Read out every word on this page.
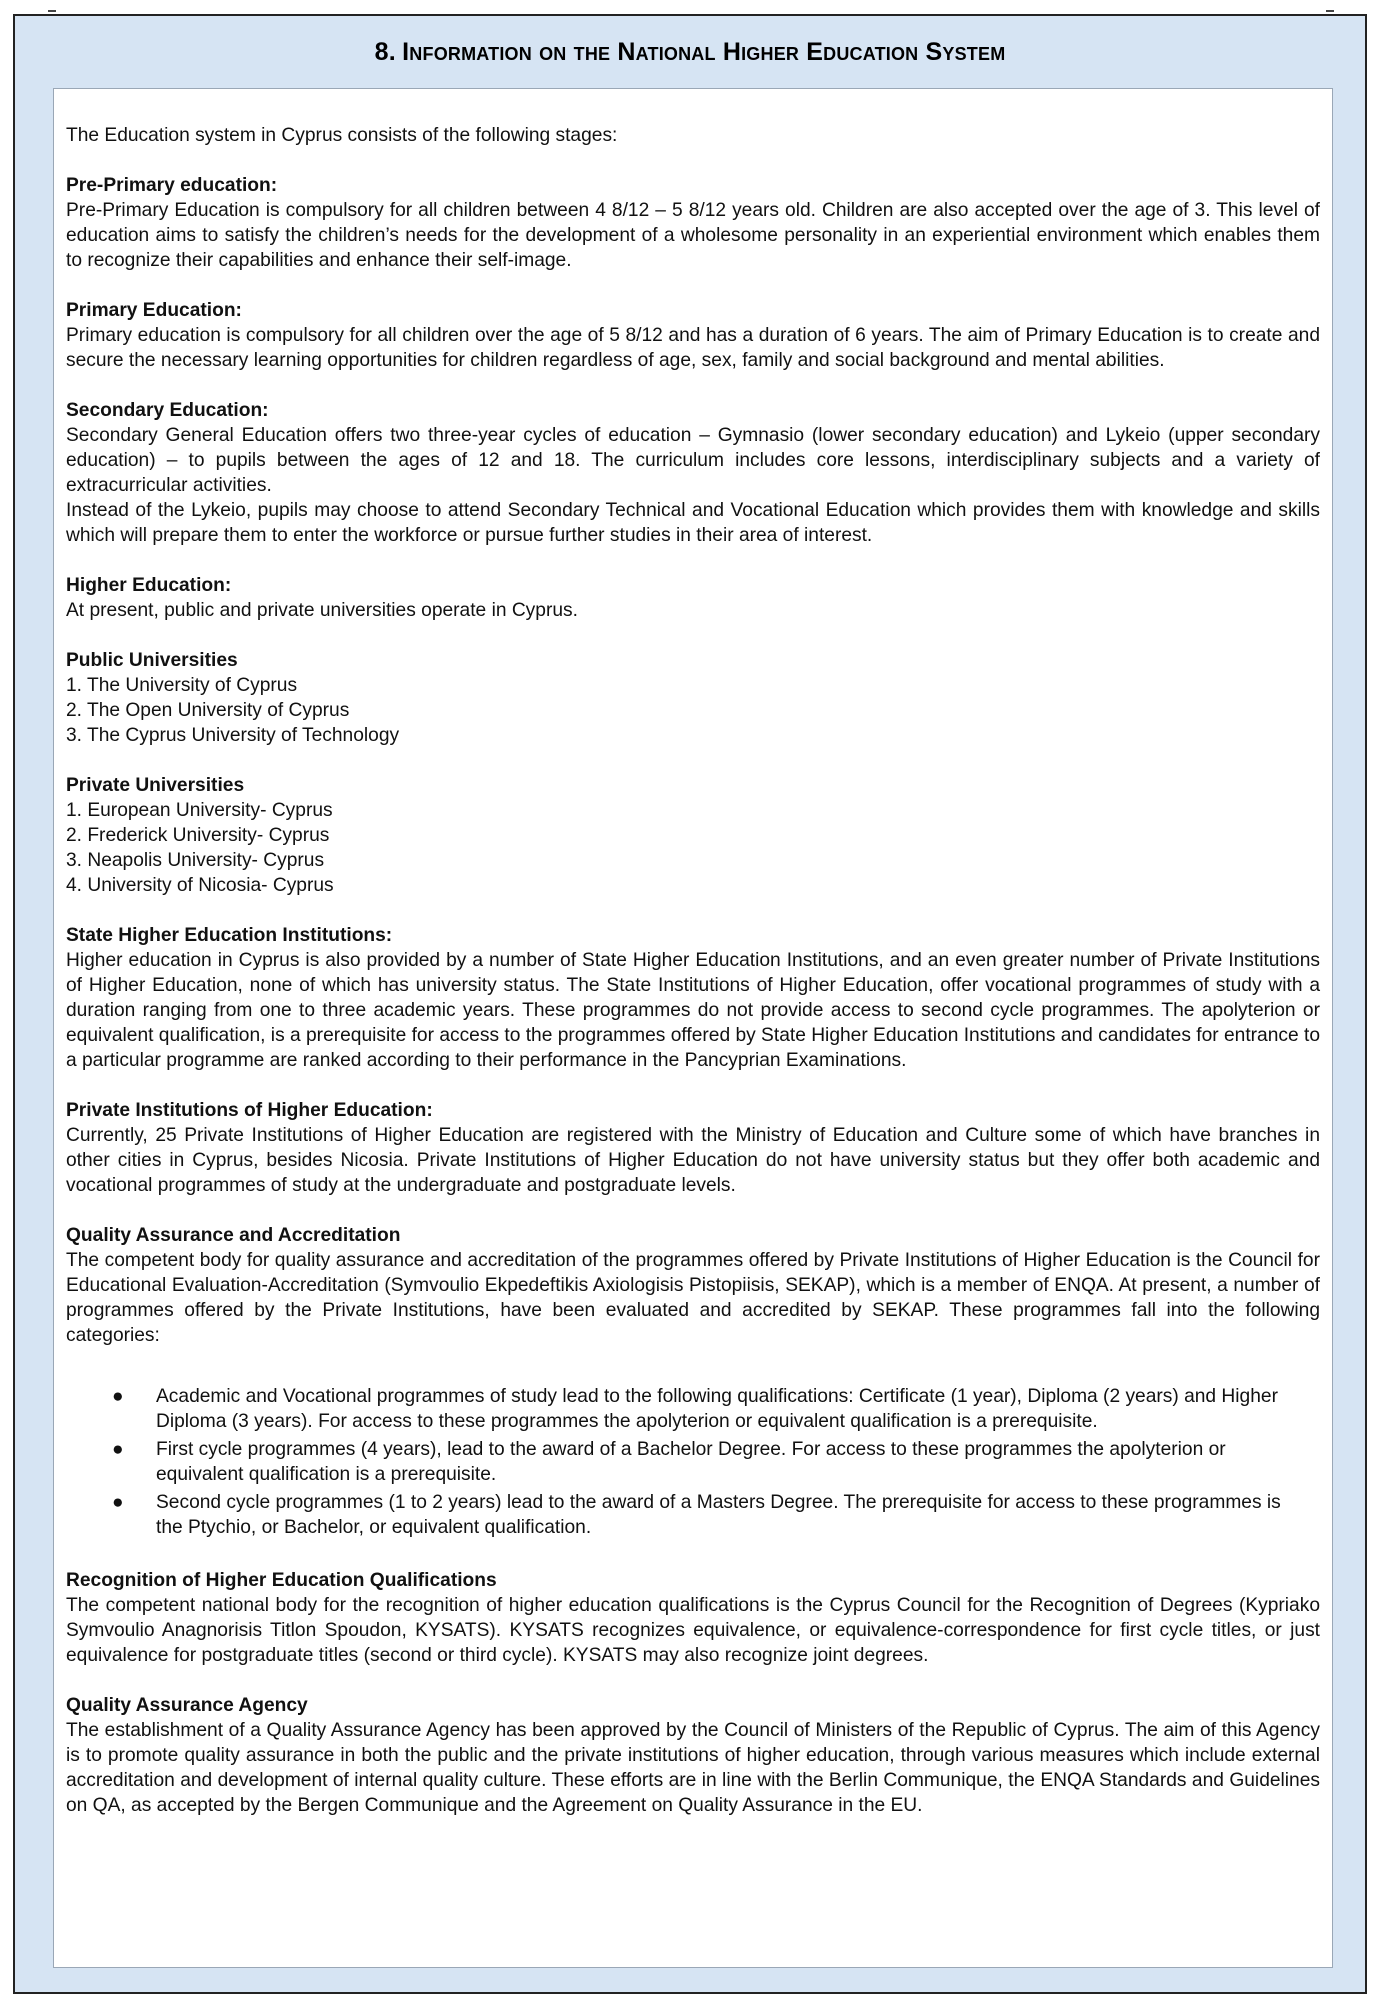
8. Information on the National Higher Education System

The Education system in Cyprus consists of the following stages:

Pre-Primary education:

Pre-Primary Education is compulsory for all children between 4 8/12 – 5 8/12 years old. Children are also accepted over the age of 3. This level of education aims to satisfy the children’s needs for the development of a wholesome personality in an experiential environment which enables them to recognize their capabilities and enhance their self-image.

Primary Education:

Primary education is compulsory for all children over the age of 5 8/12 and has a duration of 6 years. The aim of Primary Education is to create and secure the necessary learning opportunities for children regardless of age, sex, family and social background and mental abilities.

Secondary Education:

Secondary General Education offers two three-year cycles of education – Gymnasio (lower secondary education) and Lykeio (upper secondary education) – to pupils between the ages of 12 and 18. The curriculum includes core lessons, interdisciplinary subjects and a variety of extracurricular activities.

Instead of the Lykeio, pupils may choose to attend Secondary Technical and Vocational Education which provides them with knowledge and skills which will prepare them to enter the workforce or pursue further studies in their area of interest.

Higher Education:

At present, public and private universities operate in Cyprus.

Public Universities

1. The University of Cyprus
2. The Open University of Cyprus
3. The Cyprus University of Technology

Private Universities

1. European University- Cyprus
2. Frederick University- Cyprus
3. Neapolis University- Cyprus
4. University of Nicosia- Cyprus

State Higher Education Institutions:

Higher education in Cyprus is also provided by a number of State Higher Education Institutions, and an even greater number of Private Institutions of Higher Education, none of which has university status. The State Institutions of Higher Education, offer vocational programmes of study with a duration ranging from one to three academic years. These programmes do not provide access to second cycle programmes. The apolyterion or equivalent qualification, is a prerequisite for access to the programmes offered by State Higher Education Institutions and candidates for entrance to a particular programme are ranked according to their performance in the Pancyprian Examinations.

Private Institutions of Higher Education:

Currently, 25 Private Institutions of Higher Education are registered with the Ministry of Education and Culture some of which have branches in other cities in Cyprus, besides Nicosia. Private Institutions of Higher Education do not have university status but they offer both academic and vocational programmes of study at the undergraduate and postgraduate levels.

Quality Assurance and Accreditation

The competent body for quality assurance and accreditation of the programmes offered by Private Institutions of Higher Education is the Council for Educational Evaluation-Accreditation (Symvoulio Ekpedeftikis Axiologisis Pistopiisis, SEKAP), which is a member of ENQA. At present, a number of programmes offered by the Private Institutions, have been evaluated and accredited by SEKAP. These programmes fall into the following categories:

● Academic and Vocational programmes of study lead to the following qualifications: Certificate (1 year), Diploma (2 years) and Higher Diploma (3 years). For access to these programmes the apolyterion or equivalent qualification is a prerequisite.
● First cycle programmes (4 years), lead to the award of a Bachelor Degree. For access to these programmes the apolyterion or equivalent qualification is a prerequisite.
● Second cycle programmes (1 to 2 years) lead to the award of a Masters Degree. The prerequisite for access to these programmes is the Ptychio, or Bachelor, or equivalent qualification.

Recognition of Higher Education Qualifications

The competent national body for the recognition of higher education qualifications is the Cyprus Council for the Recognition of Degrees (Kypriako Symvoulio Anagnorisis Titlon Spoudon, KYSATS). KYSATS recognizes equivalence, or equivalence-correspondence for first cycle titles, or just equivalence for postgraduate titles (second or third cycle). KYSATS may also recognize joint degrees.

Quality Assurance Agency

The establishment of a Quality Assurance Agency has been approved by the Council of Ministers of the Republic of Cyprus. The aim of this Agency is to promote quality assurance in both the public and the private institutions of higher education, through various measures which include external accreditation and development of internal quality culture. These efforts are in line with the Berlin Communique, the ENQA Standards and Guidelines on QA, as accepted by the Bergen Communique and the Agreement on Quality Assurance in the EU.
